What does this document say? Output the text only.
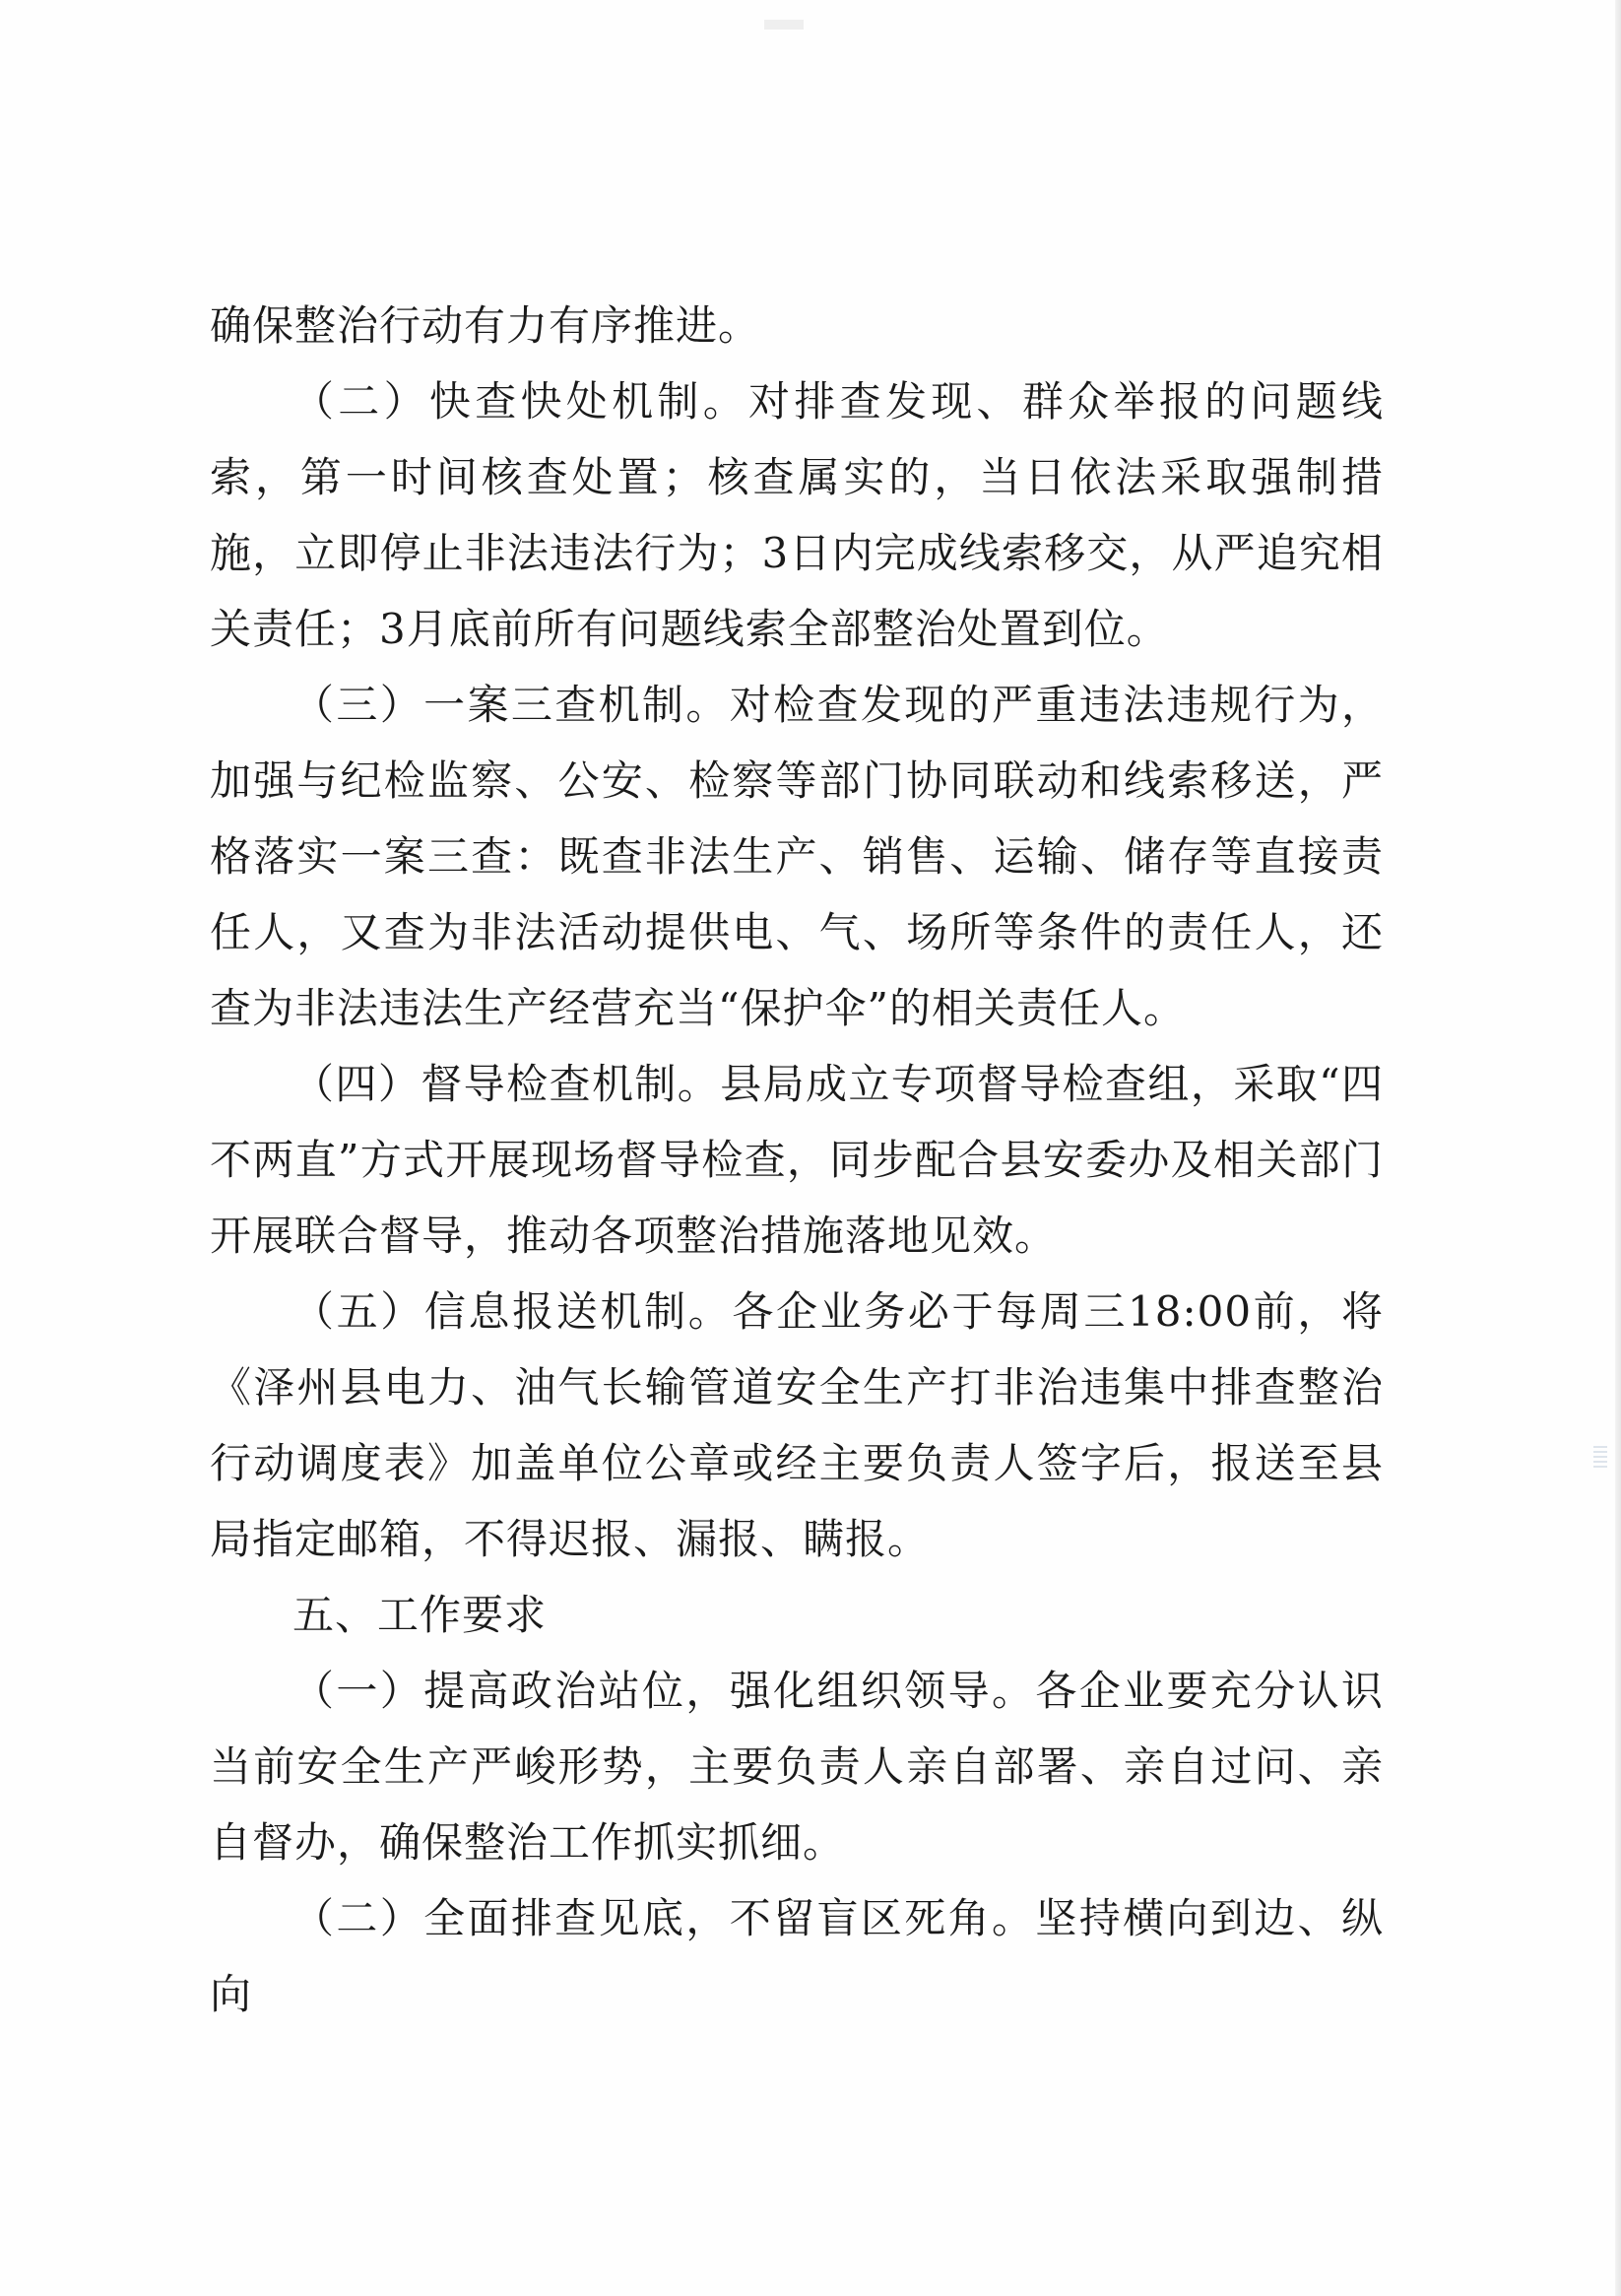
确保整治行动有力有序推进。

（二）快查快处机制。对排查发现、群众举报的问题线索，第一时间核查处置；核查属实的，当日依法采取强制措施，立即停止非法违法行为；3日内完成线索移交，从严追究相关责任；3月底前所有问题线索全部整治处置到位。

（三）一案三查机制。对检查发现的严重违法违规行为，加强与纪检监察、公安、检察等部门协同联动和线索移送，严格落实一案三查：既查非法生产、销售、运输、储存等直接责任人，又查为非法活动提供电、气、场所等条件的责任人，还查为非法违法生产经营充当“保护伞”的相关责任人。

（四）督导检查机制。县局成立专项督导检查组，采取“四不两直”方式开展现场督导检查，同步配合县安委办及相关部门开展联合督导，推动各项整治措施落地见效。

（五）信息报送机制。各企业务必于每周三18:00前，将《泽州县电力、油气长输管道安全生产打非治违集中排查整治行动调度表》加盖单位公章或经主要负责人签字后，报送至县局指定邮箱，不得迟报、漏报、瞒报。

五、工作要求

（一）提高政治站位，强化组织领导。各企业要充分认识当前安全生产严峻形势，主要负责人亲自部署、亲自过问、亲自督办，确保整治工作抓实抓细。

（二）全面排查见底，不留盲区死角。坚持横向到边、纵向
